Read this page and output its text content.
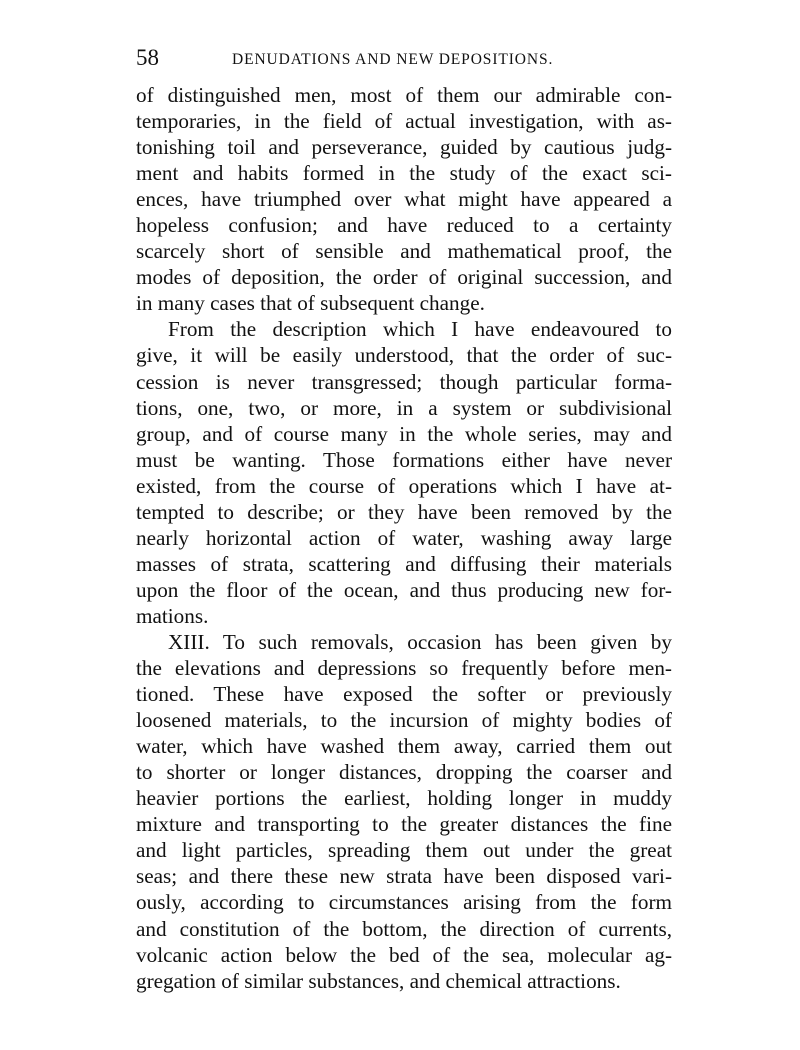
58	DENUDATIONS AND NEW DEPOSITIONS.
of distinguished men, most of them our admirable con-
temporaries, in the field of actual investigation, with as-
tonishing toil and perseverance, guided by cautious judg-
ment and habits formed in the study of the exact sci-
ences, have triumphed over what might have appeared a
hopeless confusion; and have reduced to a certainty
scarcely short of sensible and mathematical proof, the
modes of deposition, the order of original succession, and
in many cases that of subsequent change.
From the description which I have endeavoured to
give, it will be easily understood, that the order of suc-
cession is never transgressed; though particular forma-
tions, one, two, or more, in a system or subdivisional
group, and of course many in the whole series, may and
must be wanting. Those formations either have never
existed, from the course of operations which I have at-
tempted to describe; or they have been removed by the
nearly horizontal action of water, washing away large
masses of strata, scattering and diffusing their materials
upon the floor of the ocean, and thus producing new for-
mations.
XIII. To such removals, occasion has been given by
the elevations and depressions so frequently before men-
tioned. These have exposed the softer or previously
loosened materials, to the incursion of mighty bodies of
water, which have washed them away, carried them out
to shorter or longer distances, dropping the coarser and
heavier portions the earliest, holding longer in muddy
mixture and transporting to the greater distances the fine
and light particles, spreading them out under the great
seas; and there these new strata have been disposed vari-
ously, according to circumstances arising from the form
and constitution of the bottom, the direction of currents,
volcanic action below the bed of the sea, molecular ag-
gregation of similar substances, and chemical attractions.
